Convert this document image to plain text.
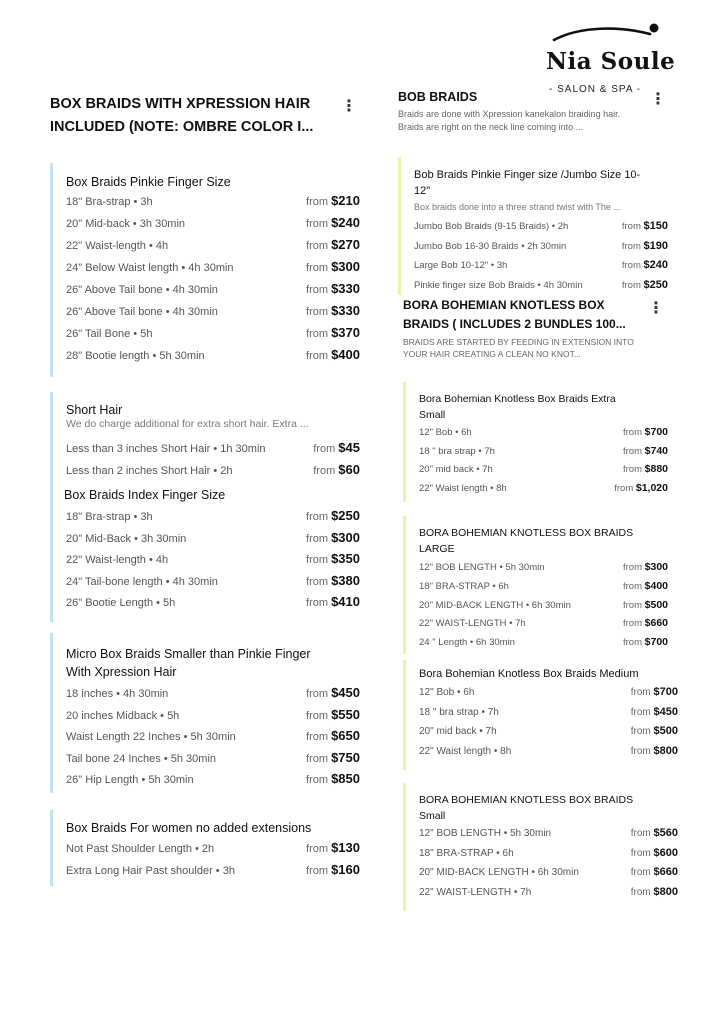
Nia Soule
- SALON & SPA -
BOX BRAIDS WITH XPRESSION HAIR INCLUDED (NOTE: OMBRE COLOR I...
⋮
BOB BRAIDS
Braids are done with Xpression kanekalon braiding hair. Braids are right on the neck line coming into ...
⋮
Box Braids Pinkie Finger Size
18" Bra-strap • 3h	from $210
20" Mid-back • 3h 30min	from $240
22" Waist-length • 4h	from $270
24" Below Waist length • 4h 30min	from $300
26" Above Tail bone • 4h 30min	from $330
26" Above Tail bone • 4h 30min	from $330
26" Tail Bone • 5h	from $370
28" Bootie length • 5h 30min	from $400
Short Hair
We do charge additional for extra short hair. Extra ...
Less than 3 inches Short Hair • 1h 30min	from $45
Less than 2 inches Short Hair • 2h	from $60
Box Braids Index Finger Size
18" Bra-strap • 3h	from $250
20" Mid-Back • 3h 30min	from $300
22" Waist-length • 4h	from $350
24" Tail-bone length • 4h 30min	from $380
26" Bootie Length • 5h	from $410
Micro Box Braids Smaller than Pinkie Finger
With Xpression Hair
18 inches • 4h 30min	from $450
20 inches Midback • 5h	from $550
Waist Length 22 Inches • 5h 30min	from $650
Tail bone 24 Inches • 5h 30min	from $750
26" Hip Length • 5h 30min	from $850
Box Braids For women no added extensions
Not Past Shoulder Length • 2h	from $130
Extra Long Hair Past shoulder • 3h	from $160
Bob Braids Pinkie Finger size /Jumbo Size 10-
12"
Box braids done into a three strand twist with The ...
Jumbo Bob Braids (9-15 Braids) • 2h	from $150
Jumbo Bob 16-30 Braids • 2h 30min	from $190
Large Bob 10-12" • 3h	from $240
Pinkie finger size Bob Braids • 4h 30min	from $250
BORA BOHEMIAN KNOTLESS BOX BRAIDS ( INCLUDES 2 BUNDLES 100...
BRAIDS ARE STARTED BY FEEDING IN EXTENSION INTO YOUR HAIR CREATING A CLEAN NO KNOT...
⋮
Bora Bohemian Knotless Box Braids Extra
Small
12" Bob • 6h	from $700
18 " bra strap • 7h	from $740
20" mid back • 7h	from $880
22" Waist length • 8h	from $1,020
BORA BOHEMIAN KNOTLESS BOX BRAIDS
LARGE
12" BOB LENGTH • 5h 30min	from $300
18" BRA-STRAP • 6h	from $400
20" MID-BACK LENGTH • 6h 30min	from $500
22" WAIST-LENGTH • 7h	from $660
24 " Length • 6h 30min	from $700
Bora Bohemian Knotless Box Braids Medium
12" Bob • 6h	from $700
18 " bra strap • 7h	from $450
20" mid back • 7h	from $500
22" Waist length • 8h	from $800
BORA BOHEMIAN KNOTLESS BOX BRAIDS
Small
12" BOB LENGTH • 5h 30min	from $560
18" BRA-STRAP • 6h	from $600
20" MID-BACK LENGTH • 6h 30min	from $660
22" WAIST-LENGTH • 7h	from $800
